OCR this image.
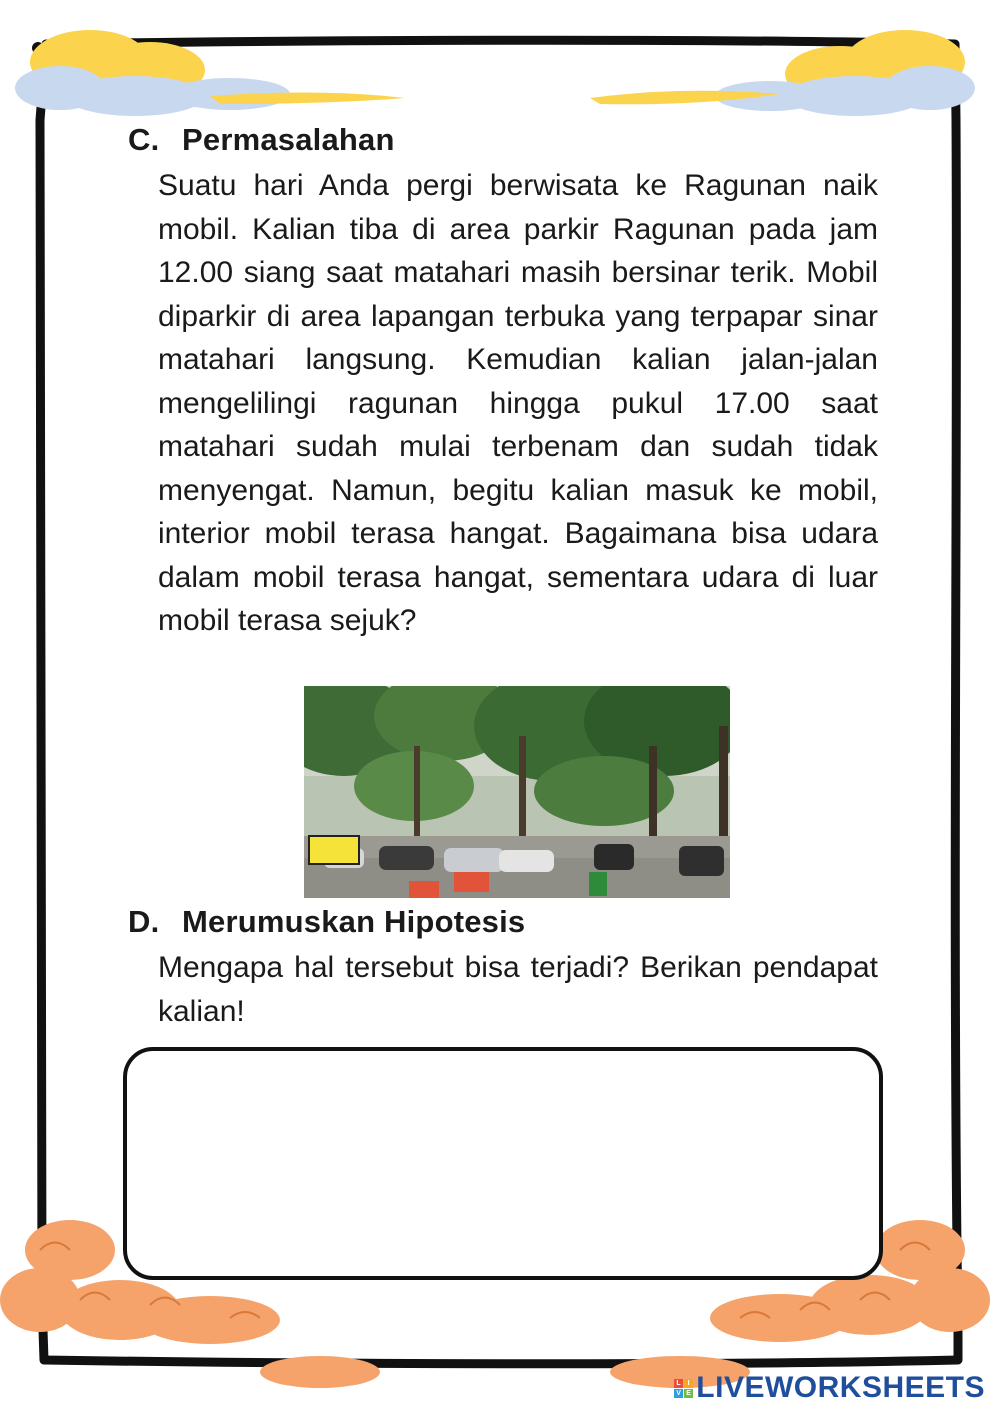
C. Permasalahan
Suatu hari Anda pergi berwisata ke Ragunan naik mobil. Kalian tiba di area parkir Ragunan pada jam 12.00 siang saat matahari masih bersinar terik. Mobil diparkir di area lapangan terbuka yang terpapar sinar matahari langsung. Kemudian kalian jalan-jalan mengelilingi ragunan hingga pukul 17.00 saat matahari sudah mulai terbenam dan sudah tidak menyengat. Namun, begitu kalian masuk ke mobil, interior mobil terasa hangat. Bagaimana bisa udara dalam mobil terasa hangat, sementara udara di luar mobil terasa sejuk?
D. Merumuskan Hipotesis
Mengapa hal tersebut bisa terjadi? Berikan pendapat kalian!
L I
V E LIVEWORKSHEETS
